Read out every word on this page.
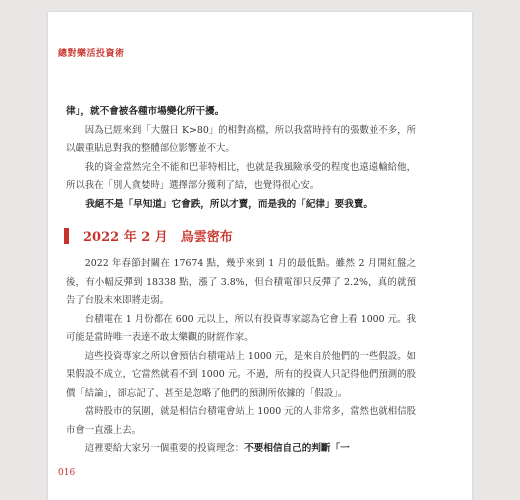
總對樂活投資術

律」，就不會被各種市場變化所干擾。

因為已經來到「大盤日 K>80」的相對高檔，所以我當時持有的張數並不多，所以嚴重貼息對我的整體部位影響並不大。

我的資金當然完全不能和巴菲特相比，也就是我風險承受的程度也遠遠輸給他，所以我在「別人貪婪時」選擇部分獲利了結，也覺得很心安。

我絕不是「早知道」它會跌，所以才賣，而是我的「紀律」要我賣。

2022 年 2 月　烏雲密布

2022 年春節封關在 17674 點，幾乎來到 1 月的最低點。雖然 2 月開紅盤之後，有小幅反彈到 18338 點，漲了 3.8%，但台積電卻只反彈了 2.2%，真的就預告了台股未來即將走弱。

台積電在 1 月份都在 600 元以上，所以有投資專家認為它會上看 1000 元。我可能是當時唯一表達不敢太樂觀的財經作家。

這些投資專家之所以會預估台積電站上 1000 元，是來自於他們的一些假設。如果假設不成立，它當然就看不到 1000 元。不過，所有的投資人只記得他們預測的股價「結論」，卻忘記了、甚至是忽略了他們的預測所依據的「假設」。

當時股市的氛圍，就是相信台積電會站上 1000 元的人非常多，當然也就相信股市會一直漲上去。

這裡要給大家另一個重要的投資理念：不要相信自己的判斷「一

016
